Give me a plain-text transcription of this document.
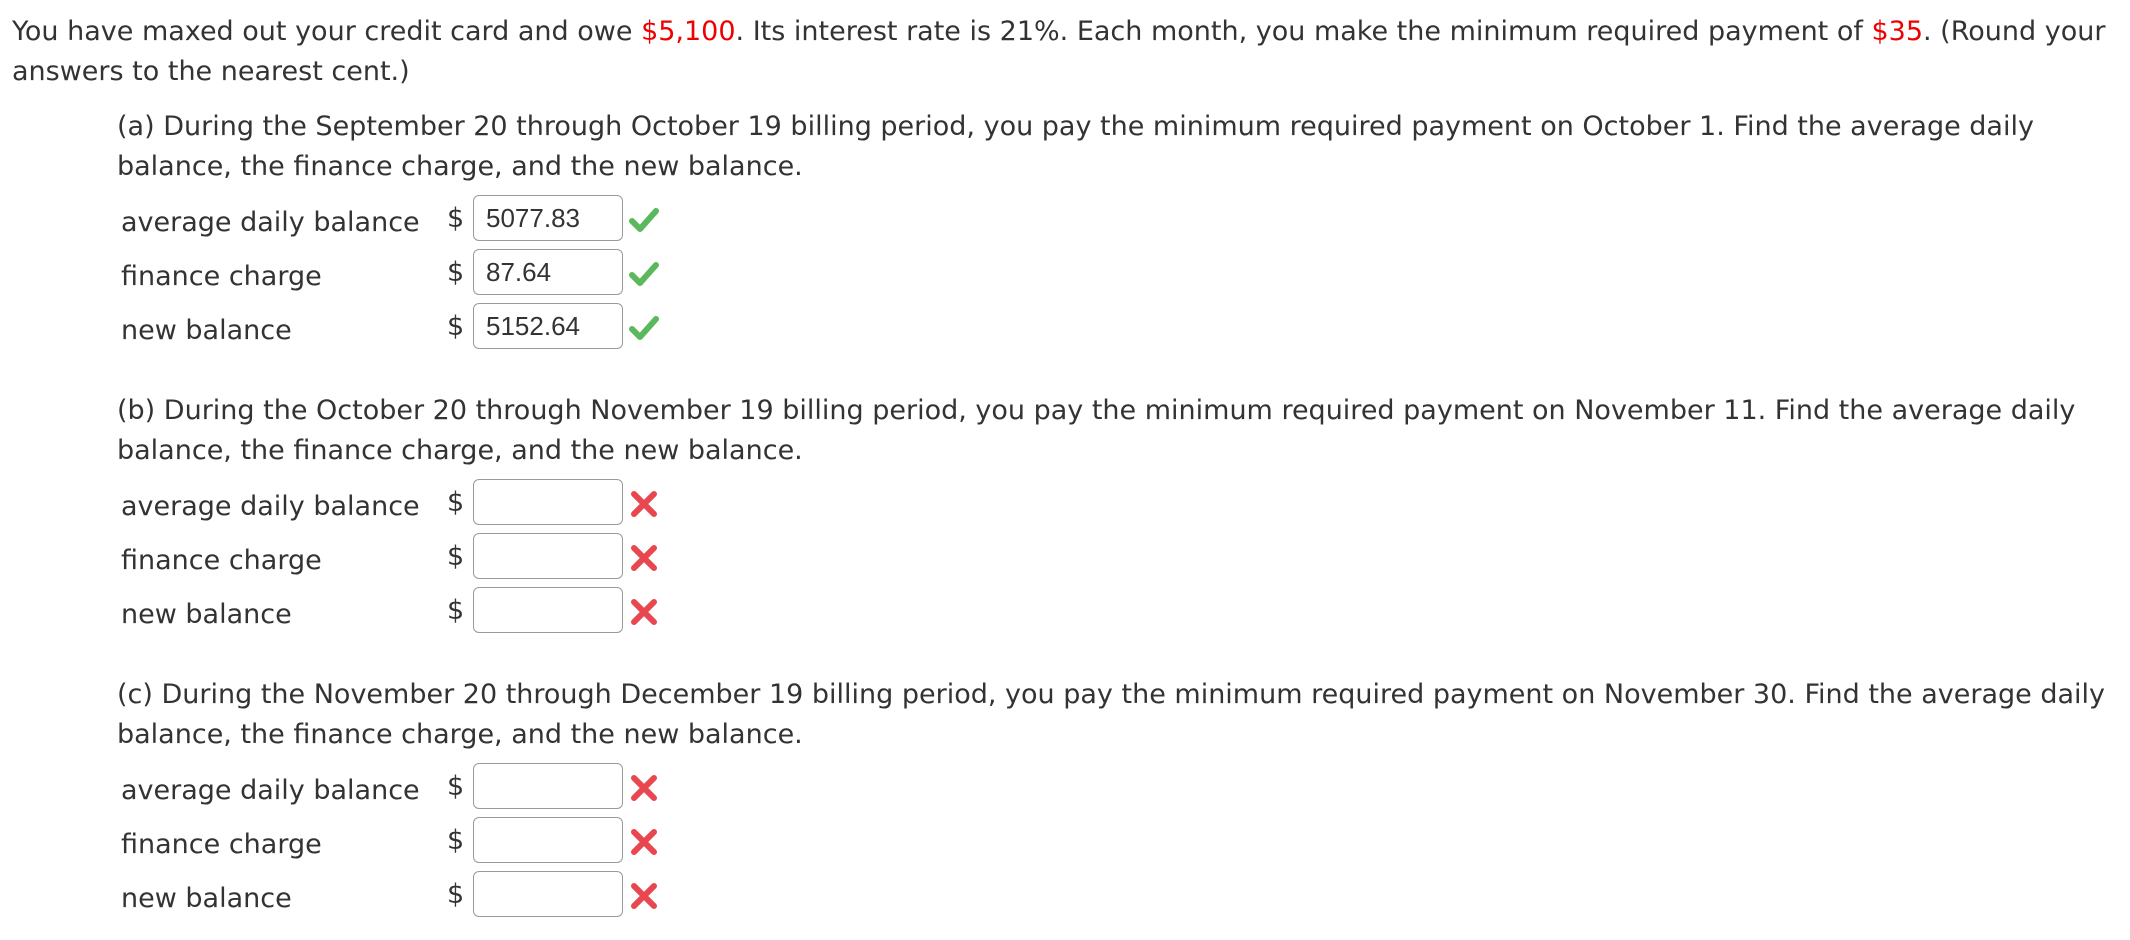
You have maxed out your credit card and owe $5,100. Its interest rate is 21%. Each month, you make the minimum required payment of $35. (Round your answers to the nearest cent.)

(a) During the September 20 through October 19 billing period, you pay the minimum required payment on October 1. Find the average daily balance, the finance charge, and the new balance.

average daily balance $
5077.83
finance charge	$
87.64
new balance	$
5152.64

(b) During the October 20 through November 19 billing period, you pay the minimum required payment on November 11. Find the average daily balance, the finance charge, and the new balance.

average daily balance $
finance charge	$
new balance	$

(c) During the November 20 through December 19 billing period, you pay the minimum required payment on November 30. Find the average daily balance, the finance charge, and the new balance.

average daily balance $
finance charge	$
new balance	$
